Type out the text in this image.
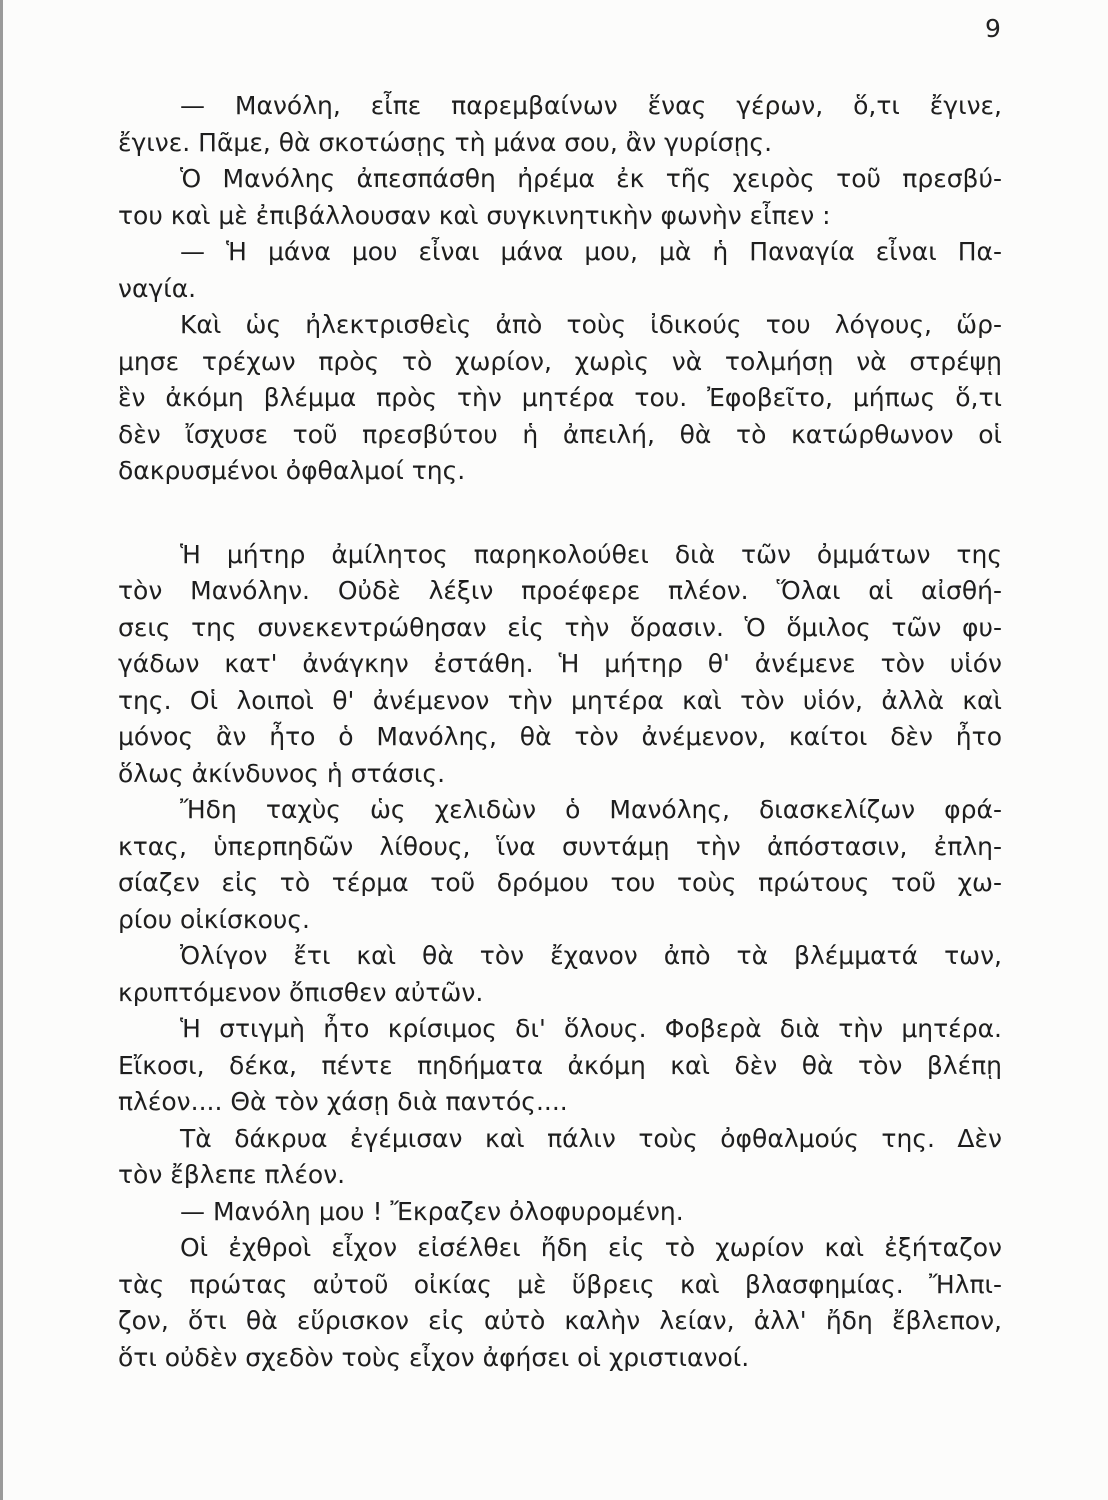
9
— Μανόλη, εἶπε παρεμβαίνων ἕνας γέρων, ὅ,τι ἔγινε,
ἔγινε. Πᾶμε, θὰ σκοτώσῃς τὴ μάνα σου, ἂν γυρίσῃς.
Ὁ Μανόλης ἀπεσπάσθη ἠρέμα ἐκ τῆς χειρὸς τοῦ πρεσβύ-
του καὶ μὲ ἐπιβάλλουσαν καὶ συγκινητικὴν φωνὴν εἶπεν :
— Ἡ μάνα μου εἶναι μάνα μου, μὰ ἡ Παναγία εἶναι Πα-
ναγία.
Καὶ ὡς ἠλεκτρισθεὶς ἀπὸ τοὺς ἰδικούς του λόγους, ὥρ-
μησε τρέχων πρὸς τὸ χωρίον, χωρὶς νὰ τολμήσῃ νὰ στρέψῃ
ἓν ἀκόμη βλέμμα πρὸς τὴν μητέρα του. Ἐφοβεῖτο, μήπως ὅ,τι
δὲν ἴσχυσε τοῦ πρεσβύτου ἡ ἀπειλή, θὰ τὸ κατώρθωνον οἱ
δακρυσμένοι ὀφθαλμοί της.
Ἡ μήτηρ ἀμίλητος παρηκολούθει διὰ τῶν ὀμμάτων της
τὸν Μανόλην. Οὐδὲ λέξιν προέφερε πλέον. Ὅλαι αἱ αἰσθή-
σεις της συνεκεντρώθησαν εἰς τὴν ὅρασιν. Ὁ ὅμιλος τῶν φυ-
γάδων κατ' ἀνάγκην ἐστάθη. Ἡ μήτηρ θ' ἀνέμενε τὸν υἱόν
της. Οἱ λοιποὶ θ' ἀνέμενον τὴν μητέρα καὶ τὸν υἱόν, ἀλλὰ καὶ
μόνος ἂν ἦτο ὁ Μανόλης, θὰ τὸν ἀνέμενον, καίτοι δὲν ἦτο
ὅλως ἀκίνδυνος ἡ στάσις.
Ἤδη ταχὺς ὡς χελιδὼν ὁ Μανόλης, διασκελίζων φρά-
κτας, ὑπερπηδῶν λίθους, ἵνα συντάμῃ τὴν ἀπόστασιν, ἐπλη-
σίαζεν εἰς τὸ τέρμα τοῦ δρόμου του τοὺς πρώτους τοῦ χω-
ρίου οἰκίσκους.
Ὀλίγον ἔτι καὶ θὰ τὸν ἔχανον ἀπὸ τὰ βλέμματά των,
κρυπτόμενον ὄπισθεν αὐτῶν.
Ἡ στιγμὴ ἦτο κρίσιμος δι' ὅλους. Φοβερὰ διὰ τὴν μητέρα.
Εἴκοσι, δέκα, πέντε πηδήματα ἀκόμη καὶ δὲν θὰ τὸν βλέπῃ
πλέον.... Θὰ τὸν χάσῃ διὰ παντός....
Τὰ δάκρυα ἐγέμισαν καὶ πάλιν τοὺς ὀφθαλμούς της. Δὲν
τὸν ἔβλεπε πλέον.
— Μανόλη μου ! Ἔκραζεν ὀλοφυρομένη.
Οἱ ἐχθροὶ εἶχον εἰσέλθει ἤδη εἰς τὸ χωρίον καὶ ἐξήταζον
τὰς πρώτας αὐτοῦ οἰκίας μὲ ὕβρεις καὶ βλασφημίας. Ἤλπι-
ζον, ὅτι θὰ εὕρισκον εἰς αὐτὸ καλὴν λείαν, ἀλλ' ἤδη ἔβλεπον,
ὅτι οὐδὲν σχεδὸν τοὺς εἶχον ἀφήσει οἱ χριστιανοί.
